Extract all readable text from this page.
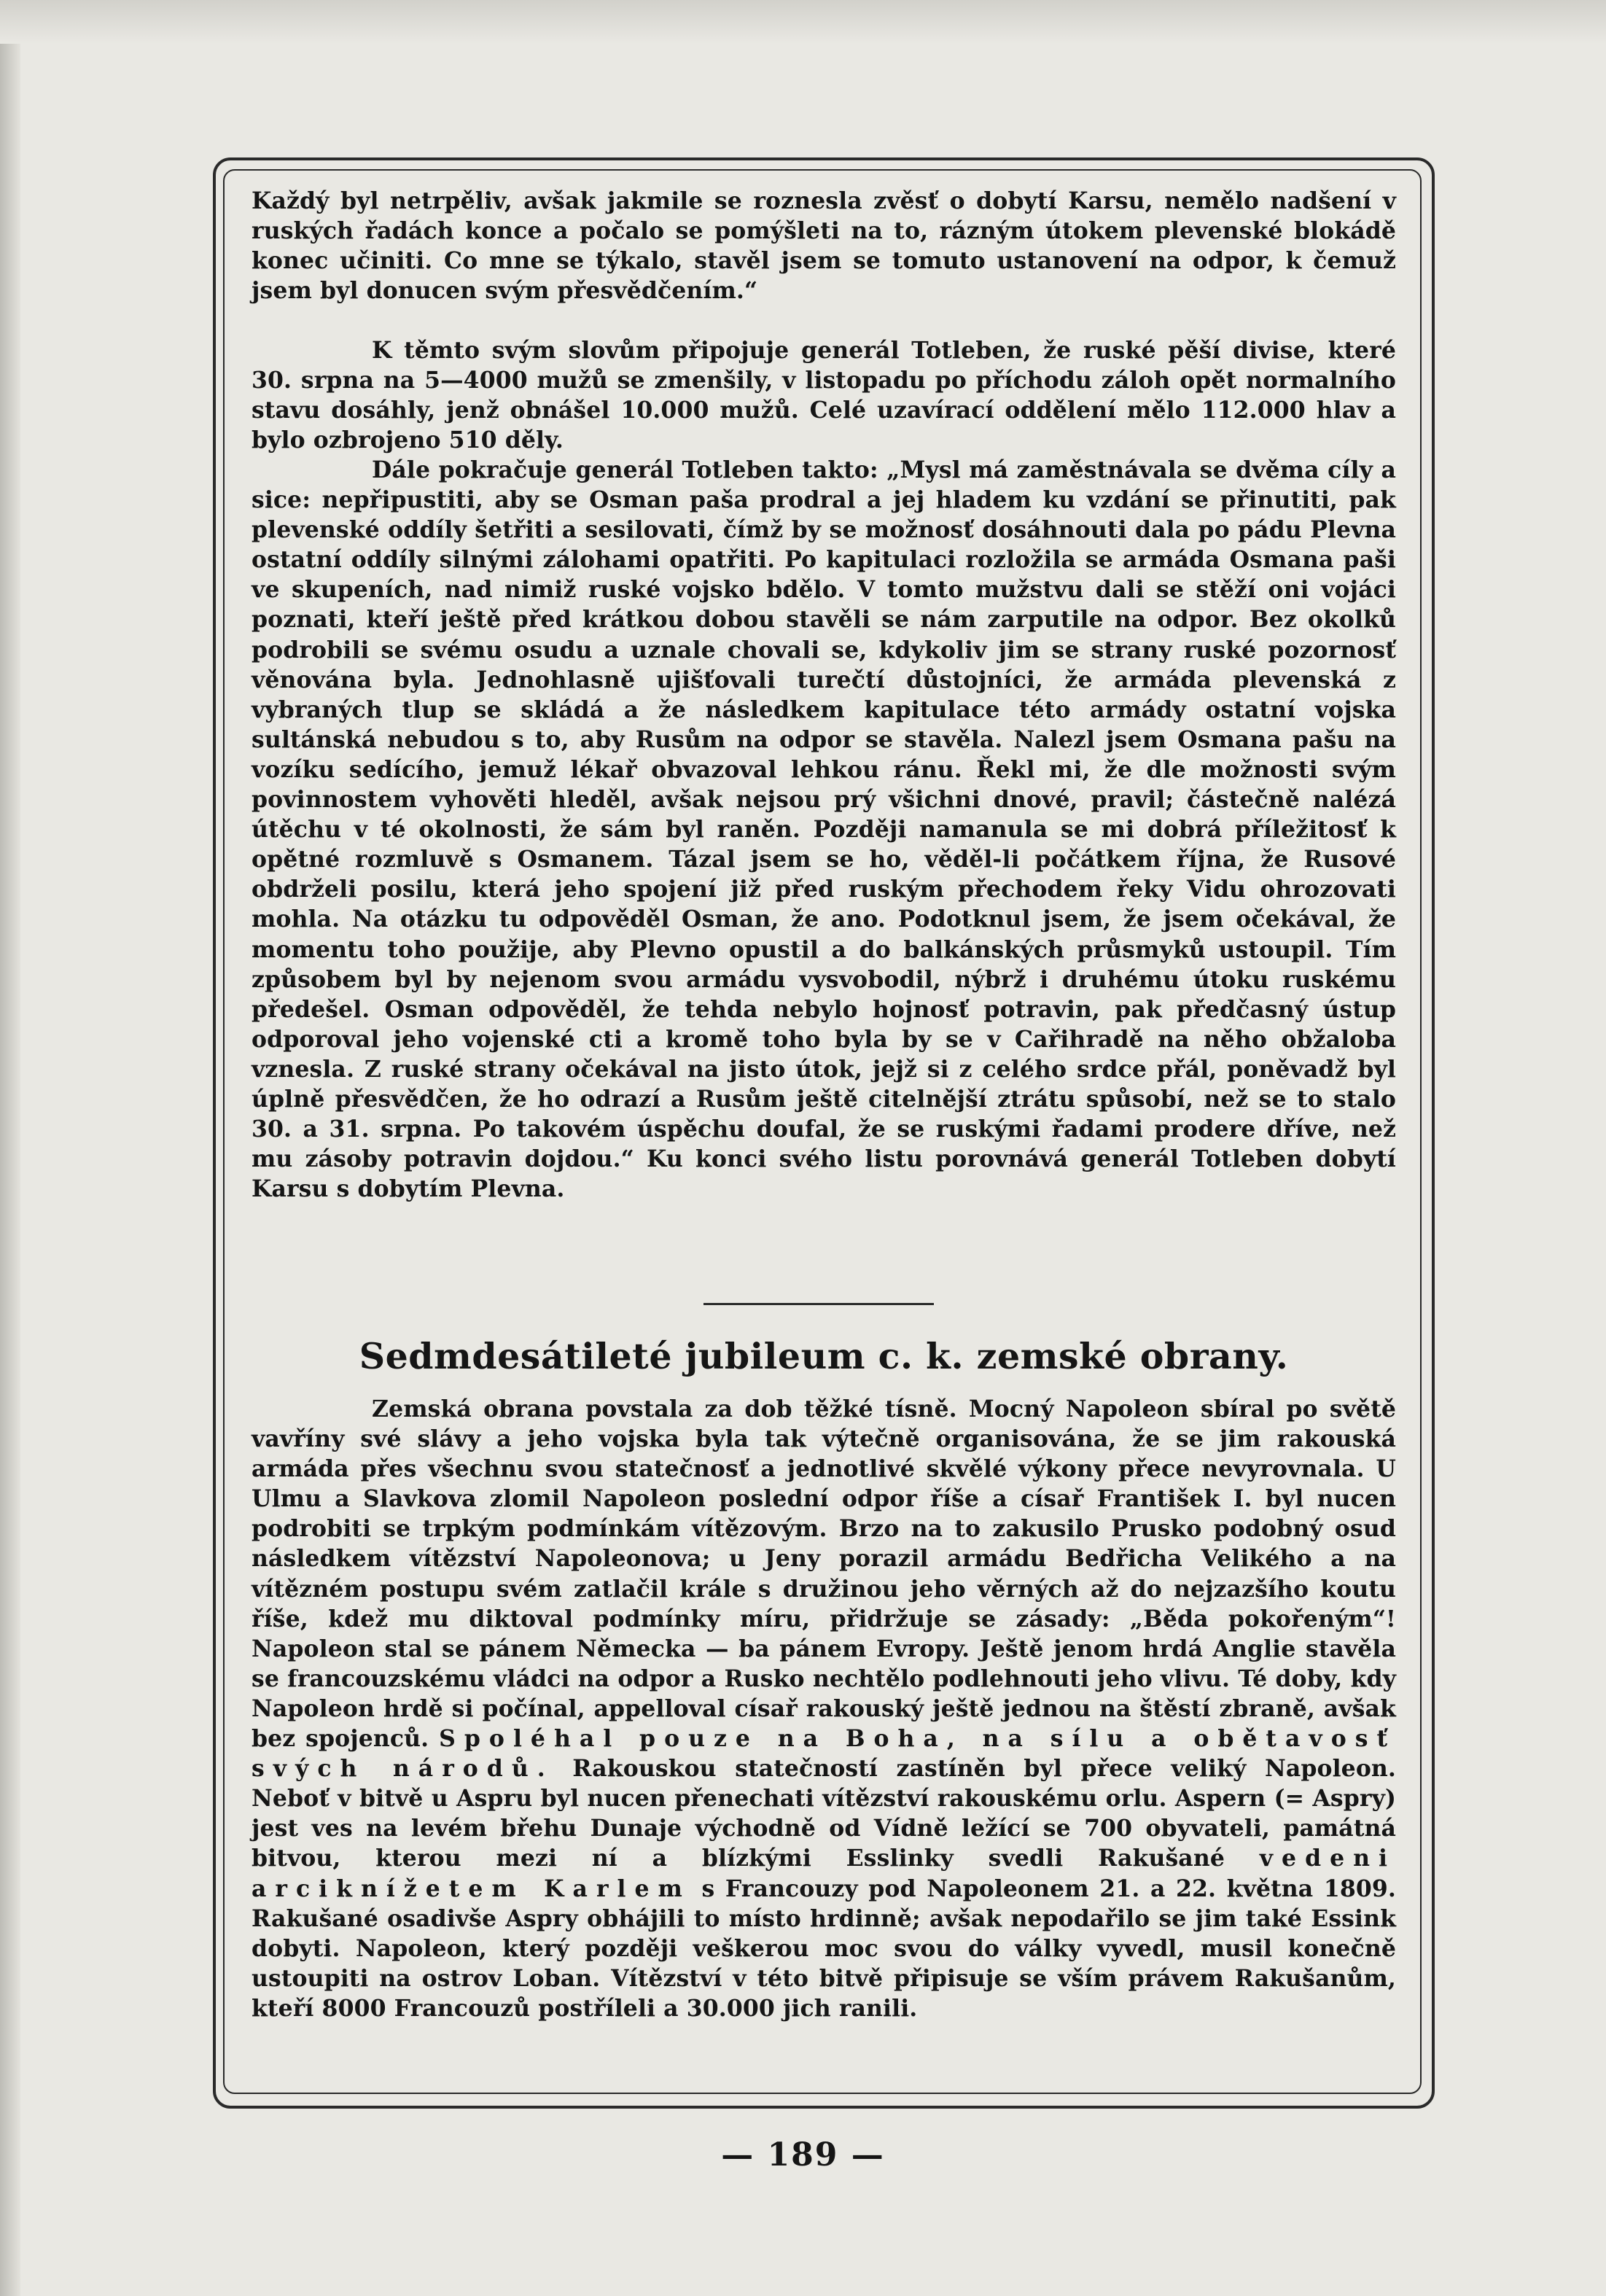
Každý byl netrpěliv, avšak jakmile se roznesla zvěsť o dobytí Karsu, nemělo nadšení v ruských řadách konce a počalo se pomýšleti na to, rázným útokem plevenské blokádě konec učiniti. Co mne se týkalo, stavěl jsem se tomuto ustanovení na odpor, k čemuž jsem byl donucen svým přesvědčením.“

K těmto svým slovům připojuje generál Totleben, že ruské pěší divise, které 30. srpna na 5—4000 mužů se zmenšily, v listopadu po příchodu záloh opět normalního stavu dosáhly, jenž obnášel 10.000 mužů. Celé uzavírací oddělení mělo 112.000 hlav a bylo ozbrojeno 510 děly.

Dále pokračuje generál Totleben takto: „Mysl má zaměstnávala se dvěma cíly a sice: nepřipustiti, aby se Osman paša prodral a jej hladem ku vzdání se přinutiti, pak plevenské oddíly šetřiti a sesilovati, čímž by se možnosť dosáhnouti dala po pádu Plevna ostatní oddíly silnými zálohami opatřiti. Po kapitulaci rozložila se armáda Osmana paši ve skupeních, nad nimiž ruské vojsko bdělo. V tomto mužstvu dali se stěží oni vojáci poznati, kteří ještě před krátkou dobou stavěli se nám zarputile na odpor. Bez okolků podrobili se svému osudu a uznale chovali se, kdykoliv jim se strany ruské pozornosť věnována byla. Jednohlasně ujišťovali turečtí důstojníci, že armáda plevenská z vybraných tlup se skládá a že následkem kapitulace této armády ostatní vojska sultánská nebudou s to, aby Rusům na odpor se stavěla. Nalezl jsem Osmana pašu na vozíku sedícího, jemuž lékař obvazoval lehkou ránu. Řekl mi, že dle možnosti svým povinnostem vyhověti hleděl, avšak nejsou prý všichni dnové, pravil; částečně nalézá útěchu v té okolnosti, že sám byl raněn. Později namanula se mi dobrá příležitosť k opětné rozmluvě s Osmanem. Tázal jsem se ho, věděl-li počátkem října, že Rusové obdrželi posilu, která jeho spojení již před ruským přechodem řeky Vidu ohrozovati mohla. Na otázku tu odpověděl Osman, že ano. Podotknul jsem, že jsem očekával, že momentu toho použije, aby Plevno opustil a do balkánských průsmyků ustoupil. Tím způsobem byl by nejenom svou armádu vysvobodil, nýbrž i druhému útoku ruskému předešel. Osman odpověděl, že tehda nebylo hojnosť potravin, pak předčasný ústup odporoval jeho vojenské cti a kromě toho byla by se v Cařihradě na něho obžaloba vznesla. Z ruské strany očekával na jisto útok, jejž si z celého srdce přál, poněvadž byl úplně přesvědčen, že ho odrazí a Rusům ještě citelnější ztrátu spůsobí, než se to stalo 30. a 31. srpna. Po takovém úspěchu doufal, že se ruskými řadami prodere dříve, než mu zásoby potravin dojdou.“ Ku konci svého listu porovnává generál Totleben dobytí Karsu s dobytím Plevna.

Sedmdesátileté jubileum c. k. zemské obrany.

Zemská obrana povstala za dob těžké tísně. Mocný Napoleon sbíral po světě vavříny své slávy a jeho vojska byla tak výtečně organisována, že se jim rakouská armáda přes všechnu svou statečnosť a jednotlivé skvělé výkony přece nevyrovnala. U Ulmu a Slavkova zlomil Napoleon poslední odpor říše a císař František I. byl nucen podrobiti se trpkým podmínkám vítězovým. Brzo na to zakusilo Prusko podobný osud následkem vítězství Napoleonova; u Jeny porazil armádu Bedřicha Velikého a na vítězném postupu svém zatlačil krále s družinou jeho věrných až do nejzazšího koutu říše, kdež mu diktoval podmínky míru, přidržuje se zásady: „Běda pokořeným“! Napoleon stal se pánem Německa — ba pánem Evropy. Ještě jenom hrdá Anglie stavěla se francouzskému vládci na odpor a Rusko nechtělo podlehnouti jeho vlivu. Té doby, kdy Napoleon hrdě si počínal, appelloval císař rakouský ještě jednou na štěstí zbraně, avšak bez spojenců. Spoléhal pouze na Boha, na sílu a obětavosť svých národů. Rakouskou statečností zastíněn byl přece veliký Napoleon. Neboť v bitvě u Aspru byl nucen přenechati vítězství rakouskému orlu. Aspern (= Aspry) jest ves na levém břehu Dunaje východně od Vídně ležící se 700 obyvateli, památná bitvou, kterou mezi ní a blízkými Esslinky svedli Rakušané vedeni arciknížetem Karlem s Francouzy pod Napoleonem 21. a 22. května 1809. Rakušané osadivše Aspry obhájili to místo hrdinně; avšak nepodařilo se jim také Essink dobyti. Napoleon, který později veškerou moc svou do války vyvedl, musil konečně ustoupiti na ostrov Loban. Vítězství v této bitvě připisuje se vším právem Rakušanům, kteří 8000 Francouzů postříleli a 30.000 jich ranili.

— 189 —
